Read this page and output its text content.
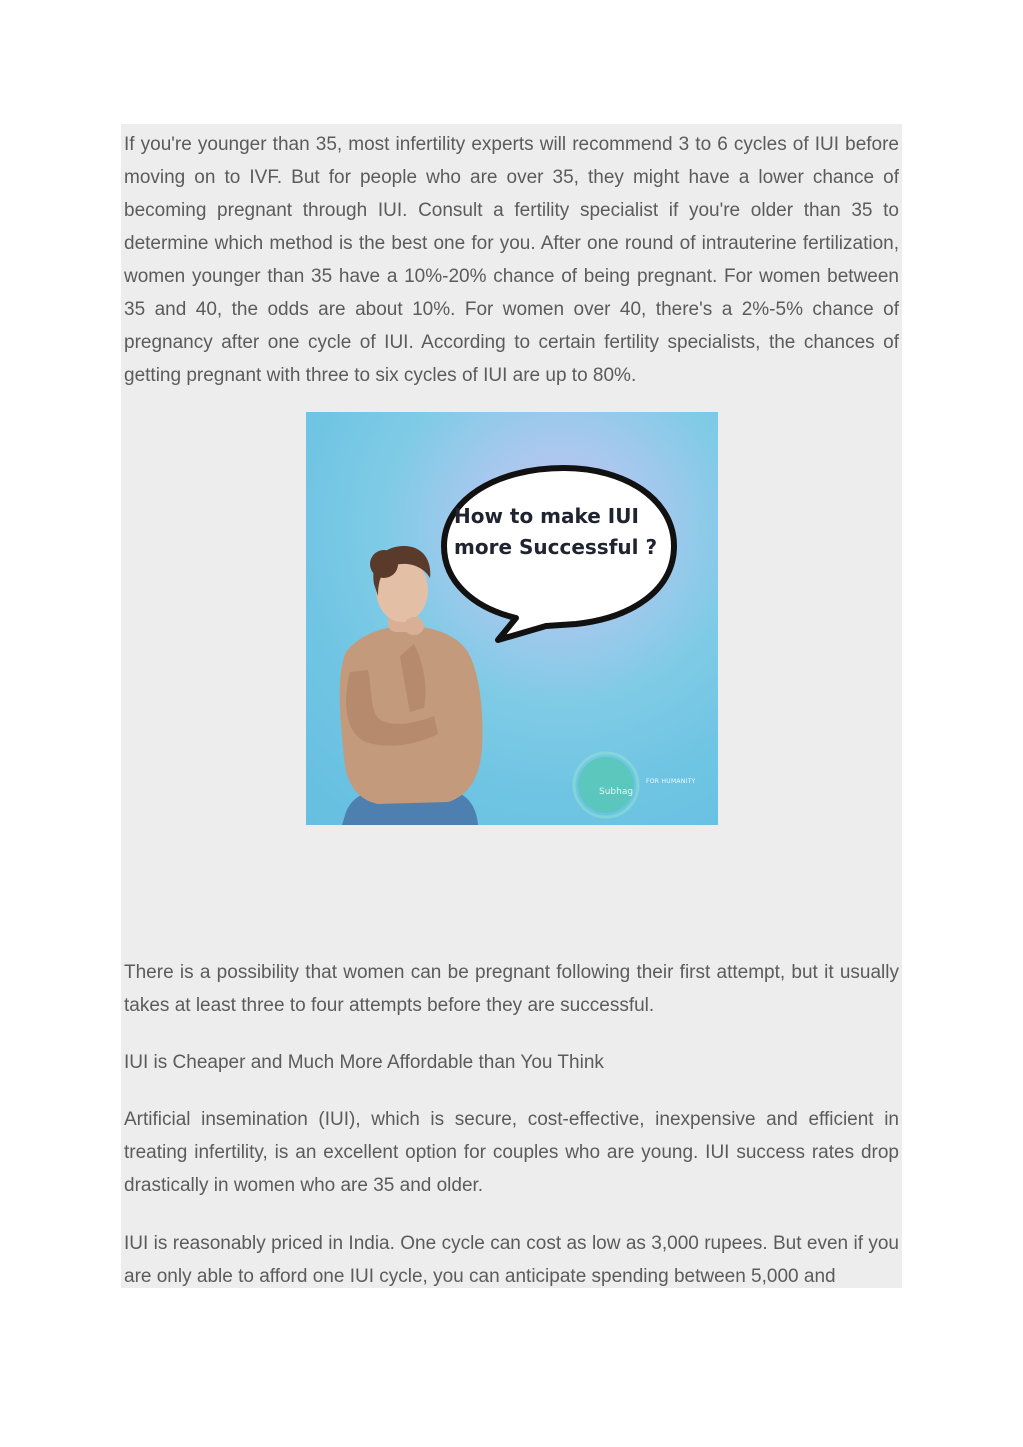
If you're younger than 35, most infertility experts will recommend 3 to 6 cycles of IUI before moving on to IVF. But for people who are over 35, they might have a lower chance of becoming pregnant through IUI. Consult a fertility specialist if you're older than 35 to determine which method is the best one for you. After one round of intrauterine fertilization, women younger than 35 have a 10%-20% chance of being pregnant. For women between 35 and 40, the odds are about 10%. For women over 40, there's a 2%-5% chance of pregnancy after one cycle of IUI. According to certain fertility specialists, the chances of getting pregnant with three to six cycles of IUI are up to 80%.

How to make IUI
more Successful ?
Subhag
FOR HUMANITY

There is a possibility that women can be pregnant following their first attempt, but it usually takes at least three to four attempts before they are successful.

IUI is Cheaper and Much More Affordable than You Think

Artificial insemination (IUI), which is secure, cost-effective, inexpensive and efficient in treating infertility, is an excellent option for couples who are young. IUI success rates drop drastically in women who are 35 and older.

IUI is reasonably priced in India. One cycle can cost as low as 3,000 rupees. But even if you are only able to afford one IUI cycle, you can anticipate spending between 5,000 and
